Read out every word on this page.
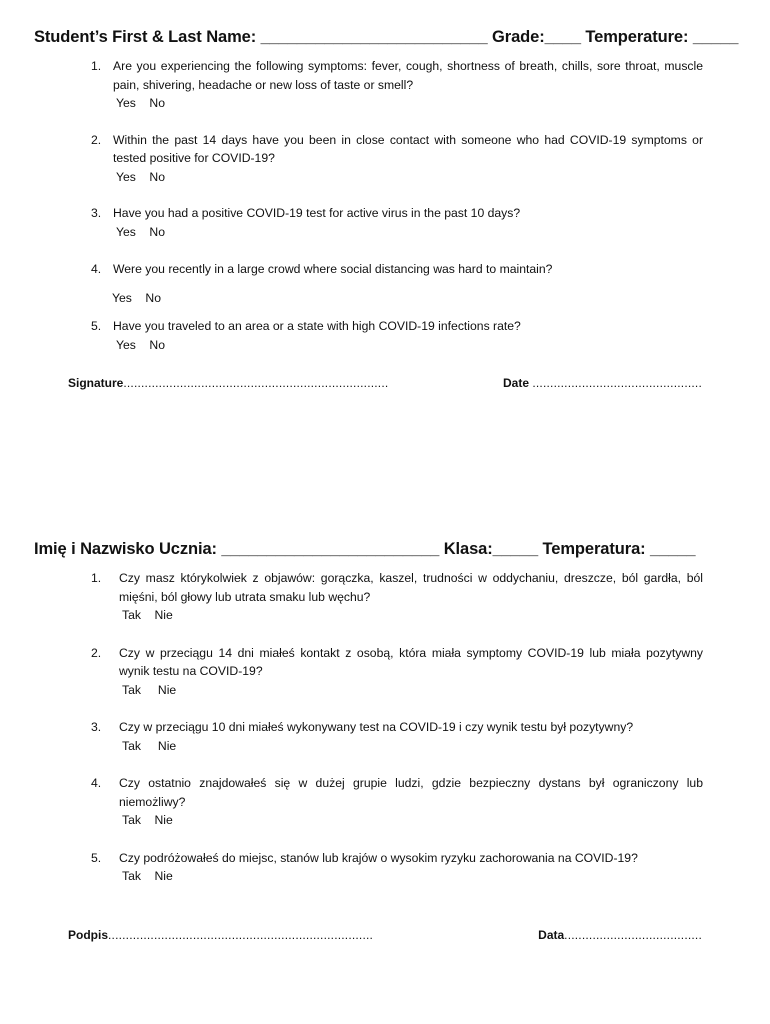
Student’s First & Last Name: _________________________ Grade:____ Temperature: _____
1. Are you experiencing the following symptoms: fever, cough, shortness of breath, chills, sore throat, muscle pain, shivering, headache or new loss of taste or smell?
Yes    No
2. Within the past 14 days have you been in close contact with someone who had COVID-19 symptoms or tested positive for COVID-19?
Yes    No
3. Have you had a positive COVID-19 test for active virus in the past 10 days?
Yes    No
4. Were you recently in a large crowd where social distancing was hard to maintain?
Yes    No
5. Have you traveled to an area or a state with high COVID-19 infections rate?
Yes    No
Signature...........................................................................	Date ................................................
Imię i Nazwisko Ucznia: ________________________ Klasa:_____ Temperatura: _____
1. Czy masz którykolwiek z objawów: gorączka, kaszel, trudności w oddychaniu, dreszcze, ból gardła, ból mięśni, ból głowy lub utrata smaku lub węchu?
Tak    Nie
2. Czy w przeciągu 14 dni miałeś kontakt z osobą, która miała symptomy COVID-19 lub miała pozytywny wynik testu na COVID-19?
Tak     Nie
3. Czy w przeciągu 10 dni miałeś wykonywany test na COVID-19 i czy wynik testu był pozytywny?
Tak     Nie
4. Czy ostatnio znajdowałeś się w dużej grupie ludzi, gdzie bezpieczny dystans był ograniczony lub niemożliwy?
Tak    Nie
5. Czy podróżowałeś do miejsc, stanów lub krajów o wysokim ryzyku zachorowania na COVID-19?
Tak    Nie
Podpis...........................................................................	Data.......................................
